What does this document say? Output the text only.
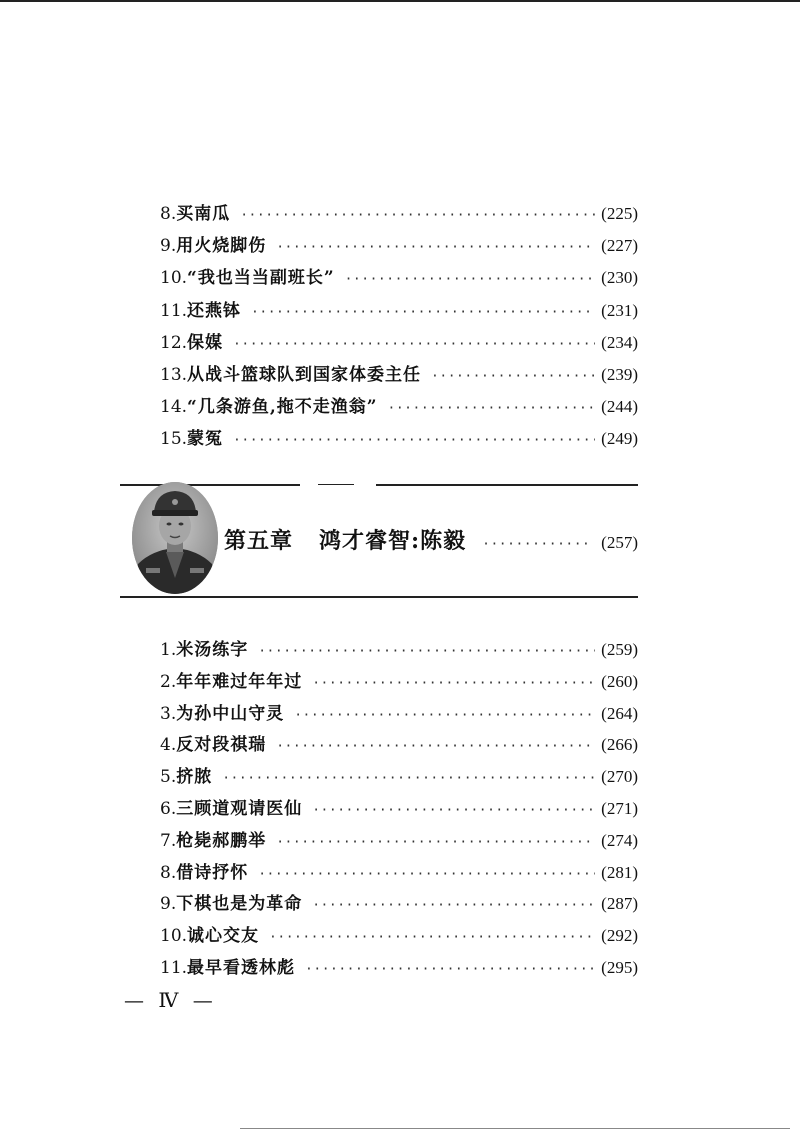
8. 买南瓜 ·····	(225)
9. 用火烧脚伤 ·····	(227)
10. “我也当当副班长” ·····	(230)
11. 还燕钵 ·····	(231)
12. 保媒 ·····	(234)
13. 从战斗篮球队到国家体委主任 ·····	(239)
14. “几条游鱼,拖不走渔翁” ·····	(244)
15. 蒙冤 ·····	(249)
第五章 鸿才睿智:陈毅 ·····	(257)
1. 米汤练字 ·····	(259)
2. 年年难过年年过 ·····	(260)
3. 为孙中山守灵 ·····	(264)
4. 反对段祺瑞 ·····	(266)
5. 挤脓 ·····	(270)
6. 三顾道观请医仙 ·····	(271)
7. 枪毙郝鹏举 ·····	(274)
8. 借诗抒怀 ·····	(281)
9. 下棋也是为革命 ·····	(287)
10. 诚心交友 ·····	(292)
11. 最早看透林彪 ·····	(295)
— Ⅳ —
